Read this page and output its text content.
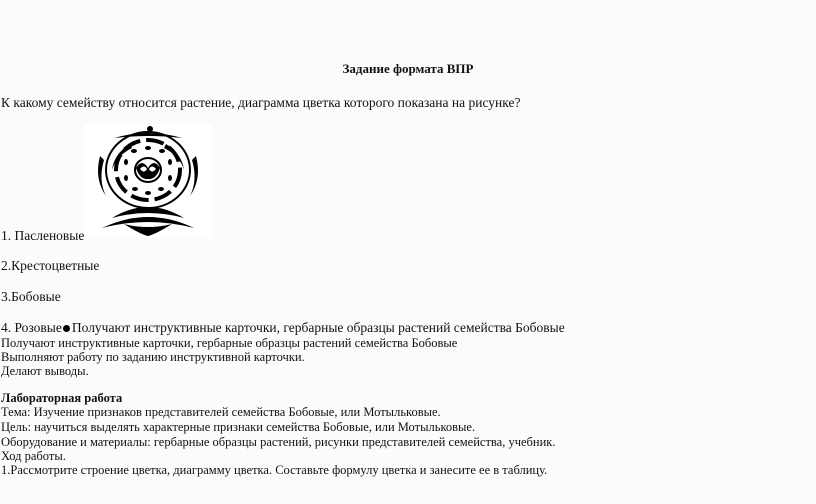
Задание формата ВПР
К какому семейству относится растение, диаграмма цветка которого показана на рисунке?
1. Пасленовые
2.Крестоцветные
3.Бобовые
4. Розовые Получают инструктивные карточки, гербарные образцы растений семейства Бобовые
Получают инструктивные карточки, гербарные образцы растений семейства Бобовые
Выполняют работу по заданию инструктивной карточки.
Делают выводы.
Лабораторная работа
Тема: Изучение признаков представителей семейства Бобовые, или Мотыльковые.
Цель: научиться выделять характерные признаки семейства Бобовые, или Мотыльковые.
Оборудование и материалы: гербарные образцы растений, рисунки представителей семейства, учебник.
Ход работы.
1.Рассмотрите строение цветка, диаграмму цветка. Составьте формулу цветка и занесите ее в таблицу.
